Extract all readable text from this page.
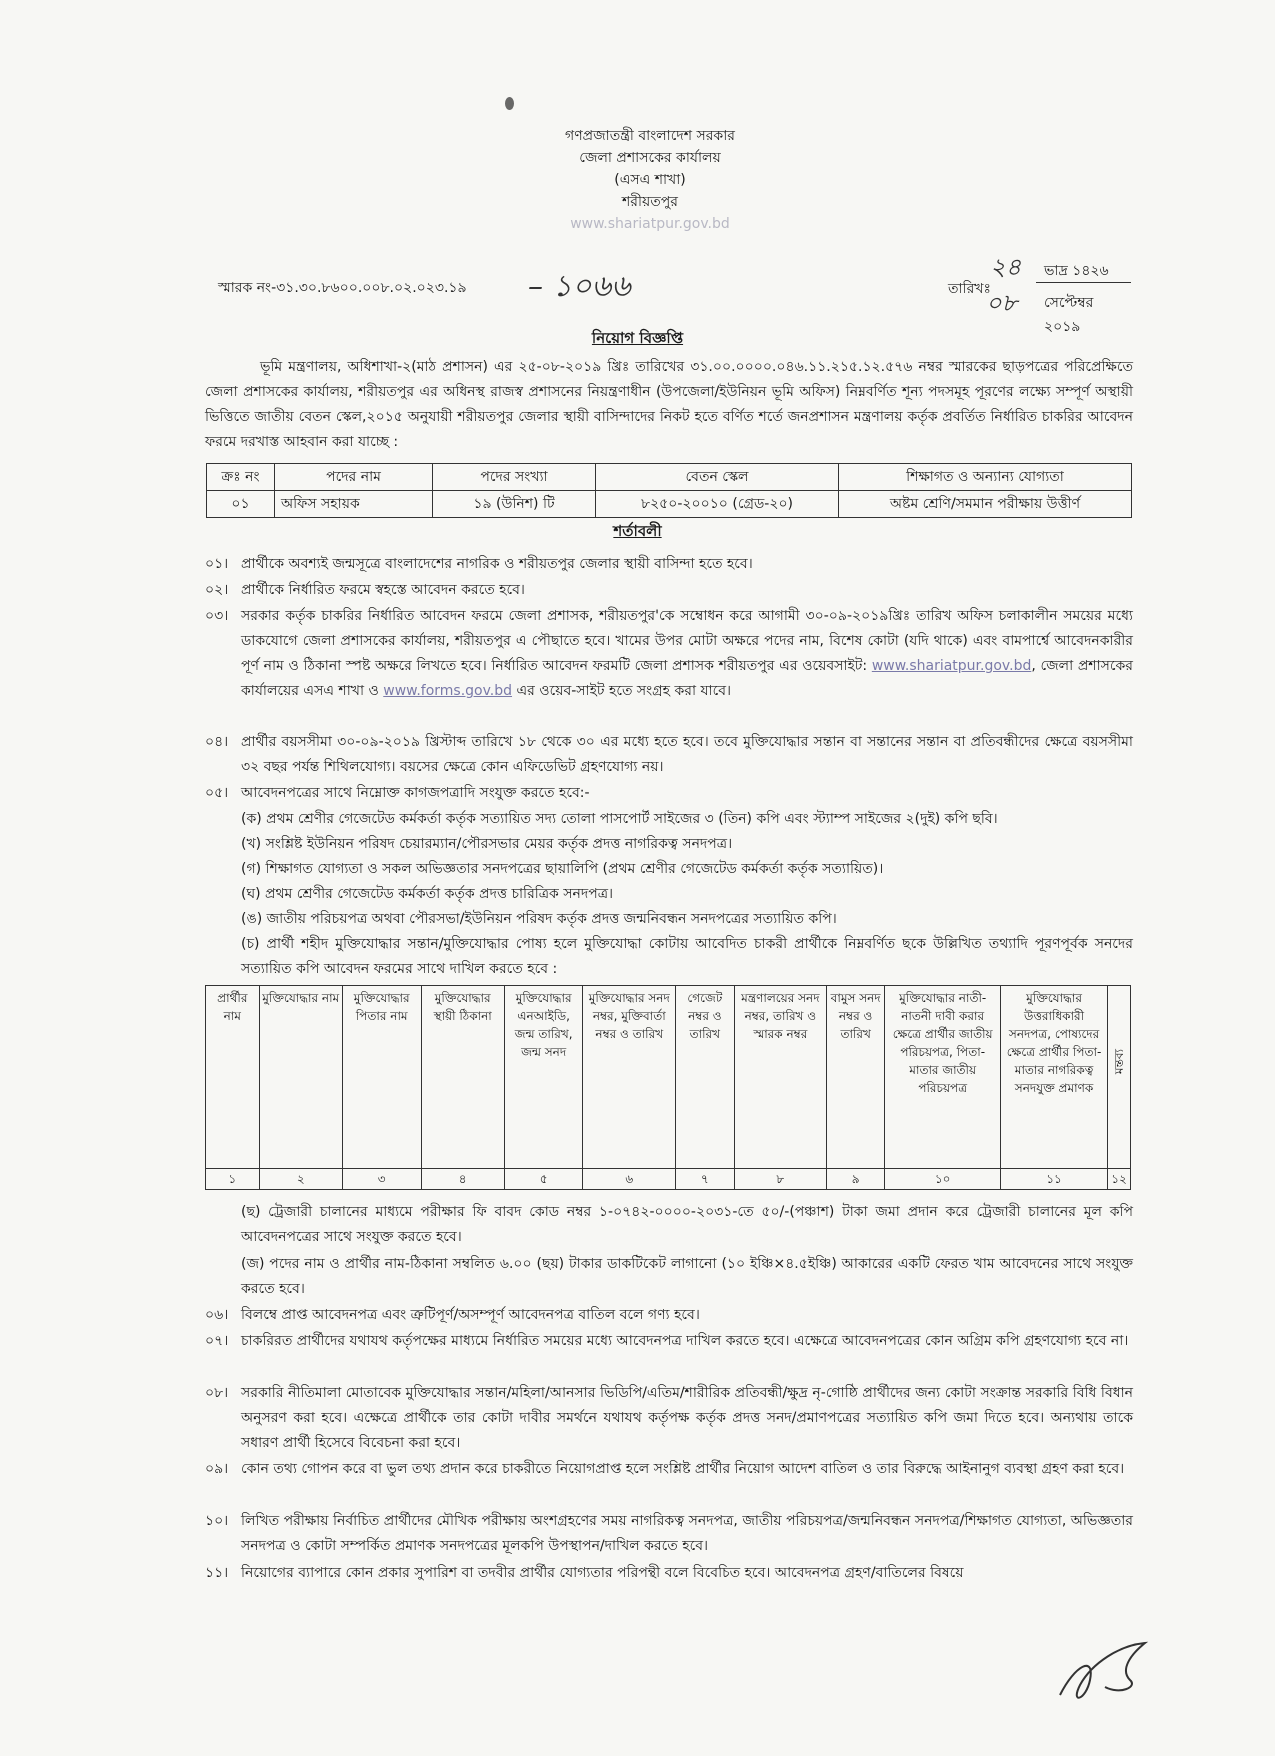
গণপ্রজাতন্ত্রী বাংলাদেশ সরকার
জেলা প্রশাসকের কার্যালয়
(এসএ শাখা)
শরীয়তপুর
www.shariatpur.gov.bd
স্মারক নং-৩১.৩০.৮৬০০.০০৮.০২.০২৩.১৯ – ১০৬৬	তারিখঃ
২৪ ভাদ্র ১৪২৬
০৮ সেপ্টেম্বর ২০১৯
নিয়োগ বিজ্ঞপ্তি
ভূমি মন্ত্রণালয়, অধিশাখা-২(মাঠ প্রশাসন) এর ২৫-০৮-২০১৯ খ্রিঃ তারিখের ৩১.০০.০০০০.০৪৬.১১.২১৫.১২.৫৭৬ নম্বর স্মারকের ছাড়পত্রের পরিপ্রেক্ষিতে জেলা প্রশাসকের কার্যালয়, শরীয়তপুর এর অধিনস্থ রাজস্ব প্রশাসনের নিয়ন্ত্রণাধীন (উপজেলা/ইউনিয়ন ভূমি অফিস) নিম্নবর্ণিত শূন্য পদসমূহ পূরণের লক্ষ্যে সম্পূর্ণ অস্থায়ী ভিত্তিতে জাতীয় বেতন স্কেল,২০১৫ অনুযায়ী শরীয়তপুর জেলার স্থায়ী বাসিন্দাদের নিকট হতে বর্ণিত শর্তে জনপ্রশাসন মন্ত্রণালয় কর্তৃক প্রবর্তিত নির্ধারিত চাকরির আবেদন ফরমে দরখাস্ত আহবান করা যাচ্ছে :
ক্রঃ নং	পদের নাম	পদের সংখ্যা	বেতন স্কেল	শিক্ষাগত ও অন্যান্য যোগ্যতা
০১	অফিস সহায়ক	১৯ (উনিশ) টি	৮২৫০-২০০১০ (গ্রেড-২০)	অষ্টম শ্রেণি/সমমান পরীক্ষায় উত্তীর্ণ
শর্তাবলী
০১। প্রার্থীকে অবশ্যই জন্মসূত্রে বাংলাদেশের নাগরিক ও শরীয়তপুর জেলার স্থায়ী বাসিন্দা হতে হবে।
০২। প্রার্থীকে নির্ধারিত ফরমে স্বহস্তে আবেদন করতে হবে।
০৩। সরকার কর্তৃক চাকরির নির্ধারিত আবেদন ফরমে জেলা প্রশাসক, শরীয়তপুর'কে সম্বোধন করে আগামী ৩০-০৯-২০১৯খ্রিঃ তারিখ অফিস চলাকালীন সময়ের মধ্যে ডাকযোগে জেলা প্রশাসকের কার্যালয়, শরীয়তপুর এ পৌছাতে হবে। খামের উপর মোটা অক্ষরে পদের নাম, বিশেষ কোটা (যদি থাকে) এবং বামপার্শ্বে আবেদনকারীর পূর্ণ নাম ও ঠিকানা স্পষ্ট অক্ষরে লিখতে হবে। নির্ধারিত আবেদন ফরমটি জেলা প্রশাসক শরীয়তপুর এর ওয়েবসাইট: www.shariatpur.gov.bd, জেলা প্রশাসকের কার্যালয়ের এসএ শাখা ও www.forms.gov.bd এর ওয়েব-সাইট হতে সংগ্রহ করা যাবে।
০৪। প্রার্থীর বয়সসীমা ৩০-০৯-২০১৯ খ্রিস্টাব্দ তারিখে ১৮ থেকে ৩০ এর মধ্যে হতে হবে। তবে মুক্তিযোদ্ধার সন্তান বা সন্তানের সন্তান বা প্রতিবন্ধীদের ক্ষেত্রে বয়সসীমা ৩২ বছর পর্যন্ত শিথিলযোগ্য। বয়সের ক্ষেত্রে কোন এফিডেভিট গ্রহণযোগ্য নয়।
০৫। আবেদনপত্রের সাথে নিম্নোক্ত কাগজপত্রাদি সংযুক্ত করতে হবে:-
(ক) প্রথম শ্রেণীর গেজেটেড কর্মকর্তা কর্তৃক সত্যায়িত সদ্য তোলা পাসপোর্ট সাইজের ৩ (তিন) কপি এবং স্ট্যাম্প সাইজের ২(দুই) কপি ছবি।
(খ) সংশ্লিষ্ট ইউনিয়ন পরিষদ চেয়ারম্যান/পৌরসভার মেয়র কর্তৃক প্রদত্ত নাগরিকত্ব সনদপত্র।
(গ) শিক্ষাগত যোগ্যতা ও সকল অভিজ্ঞতার সনদপত্রের ছায়ালিপি (প্রথম শ্রেণীর গেজেটেড কর্মকর্তা কর্তৃক সত্যায়িত)।
(ঘ) প্রথম শ্রেণীর গেজেটেড কর্মকর্তা কর্তৃক প্রদত্ত চারিত্রিক সনদপত্র।
(ঙ) জাতীয় পরিচয়পত্র অথবা পৌরসভা/ইউনিয়ন পরিষদ কর্তৃক প্রদত্ত জন্মনিবন্ধন সনদপত্রের সত্যায়িত কপি।
(চ) প্রার্থী শহীদ মুক্তিযোদ্ধার সন্তান/মুক্তিযোদ্ধার পোষ্য হলে মুক্তিযোদ্ধা কোটায় আবেদিত চাকরী প্রার্থীকে নিম্নবর্ণিত ছকে উল্লিখিত তথ্যাদি পূরণপূর্বক সনদের সত্যায়িত কপি আবেদন ফরমের সাথে দাখিল করতে হবে :
প্রার্থীর নাম	মুক্তিযোদ্ধার নাম	মুক্তিযোদ্ধার পিতার নাম	মুক্তিযোদ্ধার স্থায়ী ঠিকানা	মুক্তিযোদ্ধার এনআইডি, জন্ম তারিখ, জন্ম সনদ	মুক্তিযোদ্ধার সনদ নম্বর, মুক্তিবার্তা নম্বর ও তারিখ	গেজেট নম্বর ও তারিখ	মন্ত্রণালয়ের সনদ নম্বর, তারিখ ও স্মারক নম্বর	বামুস সনদ নম্বর ও তারিখ	মুক্তিযোদ্ধার নাতী-নাতনী দাবী করার ক্ষেত্রে প্রার্থীর জাতীয় পরিচয়পত্র, পিতা-মাতার জাতীয় পরিচয়পত্র	মুক্তিযোদ্ধার উত্তরাধিকারী সনদপত্র, পোষ্যদের ক্ষেত্রে প্রার্থীর পিতা-মাতার নাগরিকত্ব সনদযুক্ত প্রমাণক	মন্তব্য
১	২	৩	৪	৫	৬	৭	৮	৯	১০	১১	১২
(ছ) ট্রেজারী চালানের মাধ্যমে পরীক্ষার ফি বাবদ কোড নম্বর ১-০৭৪২-০০০০-২০৩১-তে ৫০/-(পঞ্চাশ) টাকা জমা প্রদান করে ট্রেজারী চালানের মূল কপি আবেদনপত্রের সাথে সংযুক্ত করতে হবে।
(জ) পদের নাম ও প্রার্থীর নাম-ঠিকানা সম্বলিত ৬.০০ (ছয়) টাকার ডাকটিকেট লাগানো (১০ ইঞ্চি×৪.৫ইঞ্চি) আকারের একটি ফেরত খাম আবেদনের সাথে সংযুক্ত করতে হবে।
০৬। বিলম্বে প্রাপ্ত আবেদনপত্র এবং ত্রুটিপূর্ণ/অসম্পূর্ণ আবেদনপত্র বাতিল বলে গণ্য হবে।
০৭। চাকরিরত প্রার্থীদের যথাযথ কর্তৃপক্ষের মাধ্যমে নির্ধারিত সময়ের মধ্যে আবেদনপত্র দাখিল করতে হবে। এক্ষেত্রে আবেদনপত্রের কোন অগ্রিম কপি গ্রহণযোগ্য হবে না।
০৮। সরকারি নীতিমালা মোতাবেক মুক্তিযোদ্ধার সন্তান/মহিলা/আনসার ভিডিপি/এতিম/শারীরিক প্রতিবন্ধী/ক্ষুদ্র নৃ-গোষ্ঠি প্রার্থীদের জন্য কোটা সংক্রান্ত সরকারি বিধি বিধান অনুসরণ করা হবে। এক্ষেত্রে প্রার্থীকে তার কোটা দাবীর সমর্থনে যথাযথ কর্তৃপক্ষ কর্তৃক প্রদত্ত সনদ/প্রমাণপত্রের সত্যায়িত কপি জমা দিতে হবে। অন্যথায় তাকে সধারণ প্রার্থী হিসেবে বিবেচনা করা হবে।
০৯। কোন তথ্য গোপন করে বা ভুল তথ্য প্রদান করে চাকরীতে নিয়োগপ্রাপ্ত হলে সংশ্লিষ্ট প্রার্থীর নিয়োগ আদেশ বাতিল ও তার বিরুদ্ধে আইনানুগ ব্যবস্থা গ্রহণ করা হবে।
১০। লিখিত পরীক্ষায় নির্বাচিত প্রার্থীদের মৌখিক পরীক্ষায় অংশগ্রহণের সময় নাগরিকত্ব সনদপত্র, জাতীয় পরিচয়পত্র/জন্মনিবন্ধন সনদপত্র/শিক্ষাগত যোগ্যতা, অভিজ্ঞতার সনদপত্র ও কোটা সম্পর্কিত প্রমাণক সনদপত্রের মূলকপি উপস্থাপন/দাখিল করতে হবে।
১১। নিয়োগের ব্যাপারে কোন প্রকার সুপারিশ বা তদবীর প্রার্থীর যোগ্যতার পরিপন্থী বলে বিবেচিত হবে। আবেদনপত্র গ্রহণ/বাতিলের বিষয়ে
